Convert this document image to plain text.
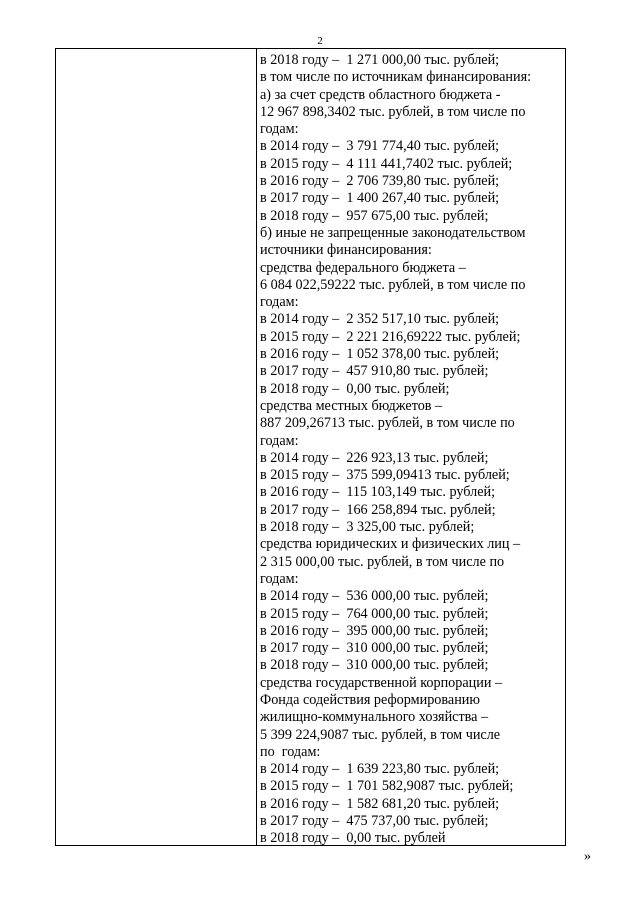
2
в 2018 году –  1 271 000,00 тыс. рублей;
в том числе по источникам финансирования:
а) за счет средств областного бюджета -
12 967 898,3402 тыс. рублей, в том числе по
годам:
в 2014 году –  3 791 774,40 тыс. рублей;
в 2015 году –  4 111 441,7402 тыс. рублей;
в 2016 году –  2 706 739,80 тыс. рублей;
в 2017 году –  1 400 267,40 тыс. рублей;
в 2018 году –  957 675,00 тыс. рублей;
б) иные не запрещенные законодательством
источники финансирования:
средства федерального бюджета –
6 084 022,59222 тыс. рублей, в том числе по
годам:
в 2014 году –  2 352 517,10 тыс. рублей;
в 2015 году –  2 221 216,69222 тыс. рублей;
в 2016 году –  1 052 378,00 тыс. рублей;
в 2017 году –  457 910,80 тыс. рублей;
в 2018 году –  0,00 тыс. рублей;
средства местных бюджетов –
887 209,26713 тыс. рублей, в том числе по
годам:
в 2014 году –  226 923,13 тыс. рублей;
в 2015 году –  375 599,09413 тыс. рублей;
в 2016 году –  115 103,149 тыс. рублей;
в 2017 году –  166 258,894 тыс. рублей;
в 2018 году –  3 325,00 тыс. рублей;
средства юридических и физических лиц –
2 315 000,00 тыс. рублей, в том числе по
годам:
в 2014 году –  536 000,00 тыс. рублей;
в 2015 году –  764 000,00 тыс. рублей;
в 2016 году –  395 000,00 тыс. рублей;
в 2017 году –  310 000,00 тыс. рублей;
в 2018 году –  310 000,00 тыс. рублей;
средства государственной корпорации –
Фонда содействия реформированию
жилищно-коммунального хозяйства –
5 399 224,9087 тыс. рублей, в том числе
по  годам:
в 2014 году –  1 639 223,80 тыс. рублей;
в 2015 году –  1 701 582,9087 тыс. рублей;
в 2016 году –  1 582 681,20 тыс. рублей;
в 2017 году –  475 737,00 тыс. рублей;
в 2018 году –  0,00 тыс. рублей
»
